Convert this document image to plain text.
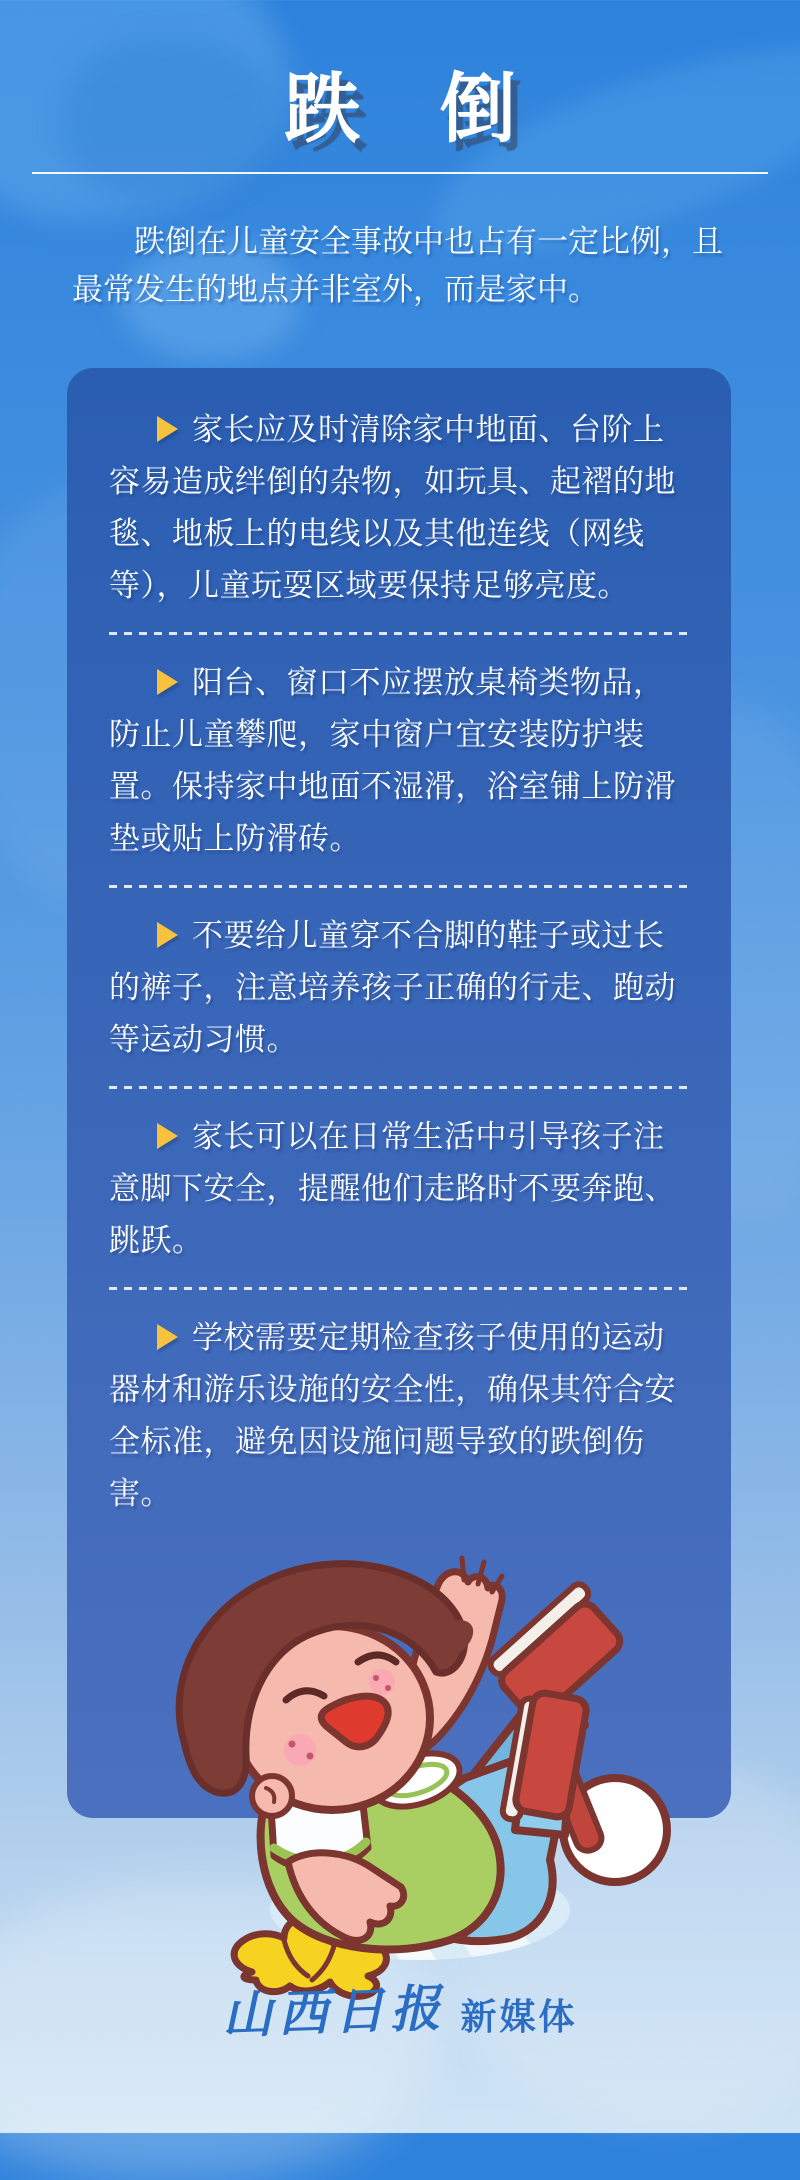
跌倒

跌倒在儿童安全事故中也占有一定比例，且最常发生的地点并非室外，而是家中。

家长应及时清除家中地面、台阶上容易造成绊倒的杂物，如玩具、起褶的地毯、地板上的电线以及其他连线（网线等），儿童玩耍区域要保持足够亮度。

阳台、窗口不应摆放桌椅类物品，防止儿童攀爬，家中窗户宜安装防护装置。保持家中地面不湿滑，浴室铺上防滑垫或贴上防滑砖。

不要给儿童穿不合脚的鞋子或过长的裤子，注意培养孩子正确的行走、跑动等运动习惯。

家长可以在日常生活中引导孩子注意脚下安全，提醒他们走路时不要奔跑、跳跃。

学校需要定期检查孩子使用的运动器材和游乐设施的安全性，确保其符合安全标准，避免因设施问题导致的跌倒伤害。

山西日报 新媒体
